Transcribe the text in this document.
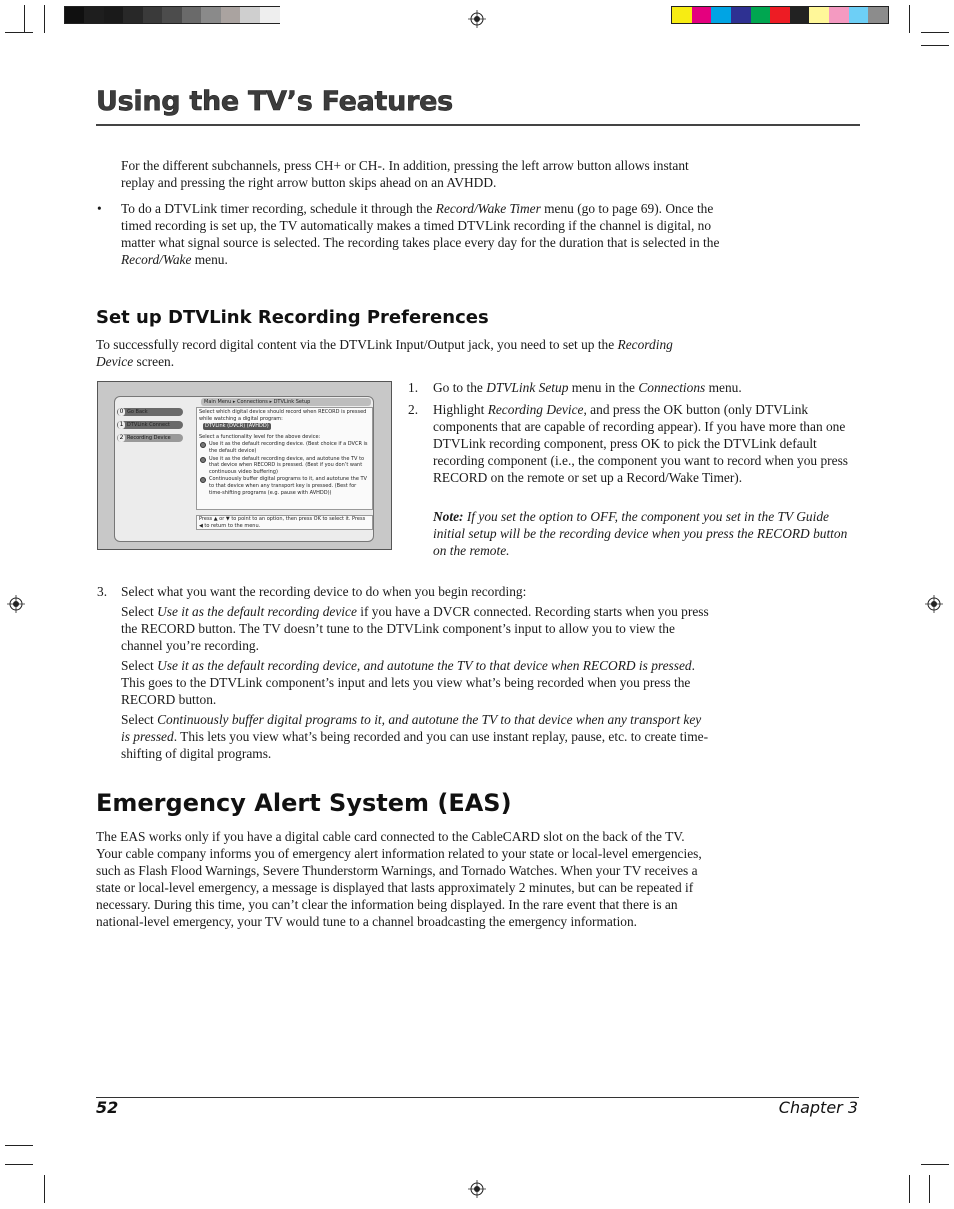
Using the TV’s Features

For the different subchannels, press CH+ or CH-. In addition, pressing the left arrow button allows instant replay and pressing the right arrow button skips ahead on an AVHDD.

• To do a DTVLink timer recording, schedule it through the Record/Wake Timer menu (go to page 69). Once the timed recording is set up, the TV automatically makes a timed DTVLink recording if the channel is digital, no matter what signal source is selected. The recording takes place every day for the duration that is selected in the Record/Wake menu.
Set up DTVLink Recording Preferences
To successfully record digital content via the DTVLink Input/Output jack, you need to set up the Recording Device screen.
Main Menu ▸ Connections ▸ DTVLink Setup
0 Go Back
1 DTVLink Connect
2 Recording Device

Select which digital device should record when RECORD is pressed while watching a digital program:

DTVLink (DVCR) (AVHDD)

Select a functionality level for the above device:

Use it as the default recording device. (Best choice if a DVCR is the default device)
Use it as the default recording device, and autotune the TV to that device when RECORD is pressed. (Best if you don’t want continuous video buffering)
Continuously buffer digital programs to it, and autotune the TV to that device when any transport key is pressed. (Best for time-shifting programs (e.g. pause with AVHDD))
Press ▲ or ▼ to point to an option, then press OK to select it. Press ◀ to return to the menu.
1. Go to the DTVLink Setup menu in the Connections menu.
2. Highlight Recording Device, and press the OK button (only DTVLink components that are capable of recording appear). If you have more than one DTVLink recording component, press OK to pick the DTVLink default recording component (i.e., the component you want to record when you press RECORD on the remote or set up a Record/Wake Timer).
Note: If you set the option to OFF, the component you set in the TV Guide initial setup will be the recording device when you press the RECORD button on the remote.
3. Select what you want the recording device to do when you begin recording:
Select Use it as the default recording device if you have a DVCR connected. Recording starts when you press the RECORD button. The TV doesn’t tune to the DTVLink component’s input to allow you to view the channel you’re recording.
Select Use it as the default recording device, and autotune the TV to that device when RECORD is pressed. This goes to the DTVLink component’s input and lets you view what’s being recorded when you press the RECORD button.
Select Continuously buffer digital programs to it, and autotune the TV to that device when any transport key is pressed. This lets you view what’s being recorded and you can use instant replay, pause, etc. to create time-shifting of digital programs.
Emergency Alert System (EAS)
The EAS works only if you have a digital cable card connected to the CableCARD slot on the back of the TV. Your cable company informs you of emergency alert information related to your state or local-level emergencies, such as Flash Flood Warnings, Severe Thunderstorm Warnings, and Tornado Watches. When your TV receives a state or local-level emergency, a message is displayed that lasts approximately 2 minutes, but can be repeated if necessary. During this time, you can’t clear the information being displayed. In the rare event that there is an national-level emergency, your TV would tune to a channel broadcasting the emergency information.
52	Chapter 3
